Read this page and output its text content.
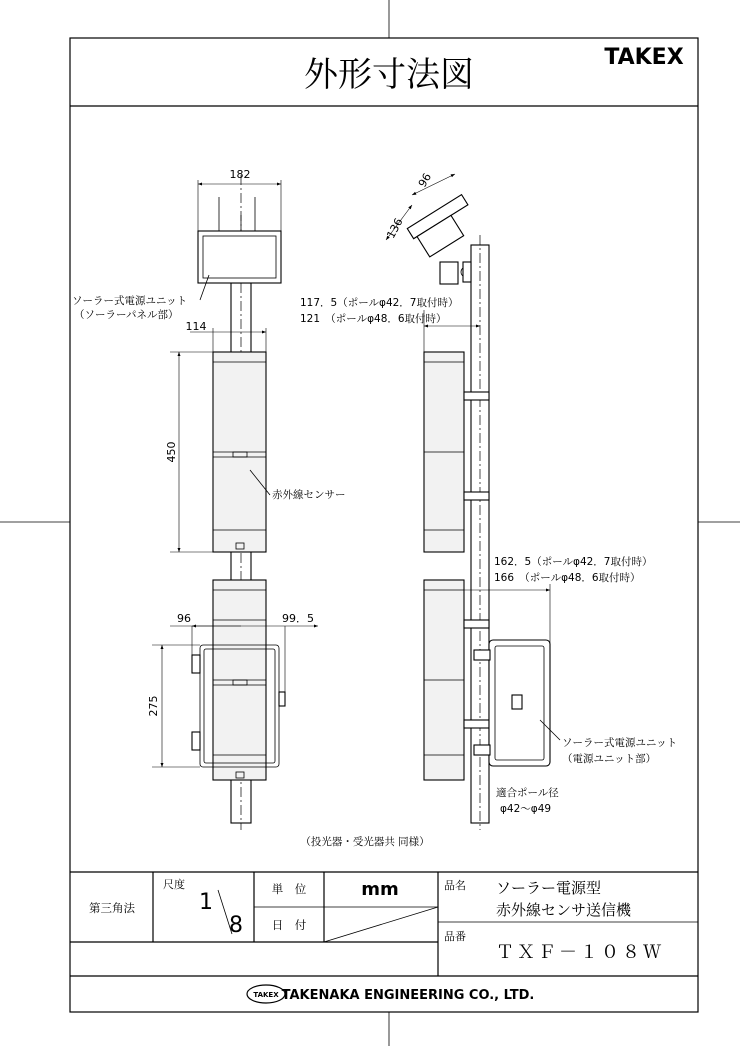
外形寸法図	TAKEX
182
ソーラー式電源ユニット
（ソーラーパネル部）
114
450
赤外線センサー
96	99．5
275
（投光器・受光器共 同様）
96
136
117．5（ポールφ42．7取付時）
121　（ポールφ48．6取付時）
162．5（ポールφ42．7取付時）
166　（ポールφ48．6取付時）
ソーラー式電源ユニット
（電源ユニット部）
適合ポール径
φ42～φ49
第三角法
尺度
1
8
単　位	mm
日　付
品名 ソーラー電源型
赤外線センサ送信機
品番
ＴＸＦ－１０８Ｗ
TAKEX TAKENAKA ENGINEERING CO., LTD.
